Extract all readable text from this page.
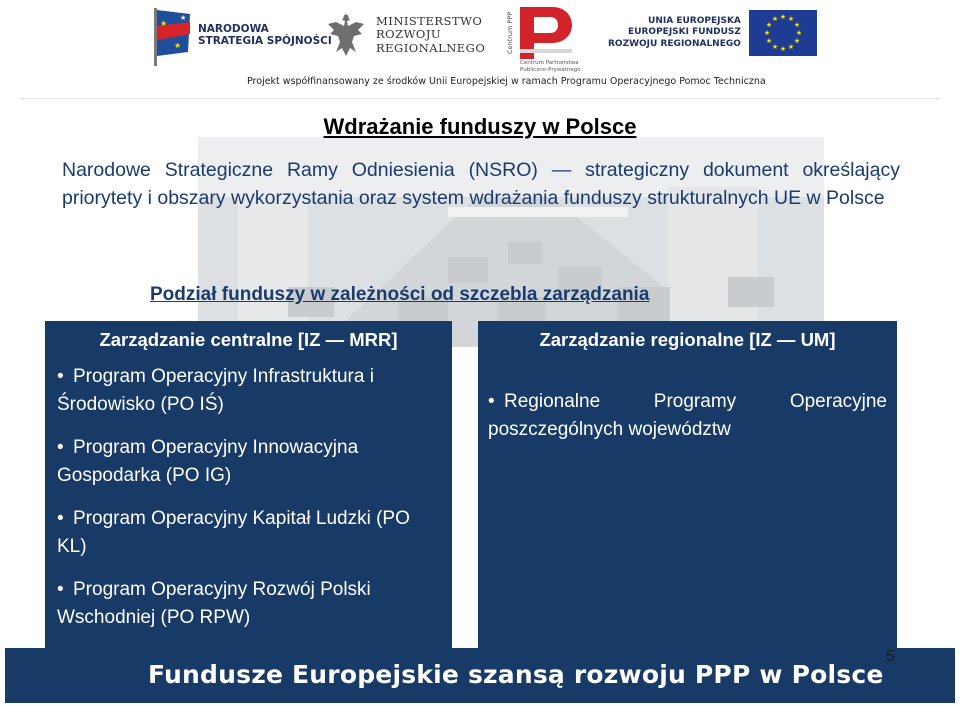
★
★
★
NARODOWA
STRATEGIA SPÓJNOŚCI
MINISTERSTWO
ROZWOJU
REGIONALNEGO	Centrum PPP
Centrum Partnerstwa
Publiczno-Prywatnego
UNIA EUROPEJSKA
EUROPEJSKI FUNDUSZ
ROZWOJU REGIONALNEGO
★ ★
★
★
★
★
★
★
★
★
★
★
Projekt współfinansowany ze środków Unii Europejskiej w ramach Programu Operacyjnego Pomoc Techniczna
Wdrażanie funduszy w Polsce

Narodowe Strategiczne Ramy Odniesienia (NSRO) — strategiczny dokument określający priorytety i obszary wykorzystania oraz system wdrażania funduszy strukturalnych UE w Polsce

Podział funduszy w zależności od szczebla zarządzania
Zarządzanie centralne [IZ — MRR]
• Program Operacyjny Infrastruktura i Środowisko (PO IŚ)
• Program Operacyjny Innowacyjna Gospodarka (PO IG)
• Program Operacyjny Kapitał Ludzki (PO KL)
• Program Operacyjny Rozwój Polski Wschodniej (PO RPW)
Zarządzanie regionalne [IZ — UM]
• Regionalne Programy Operacyjne poszczególnych województw
Fundusze Europejskie szansą rozwoju PPP w Polsce
5
